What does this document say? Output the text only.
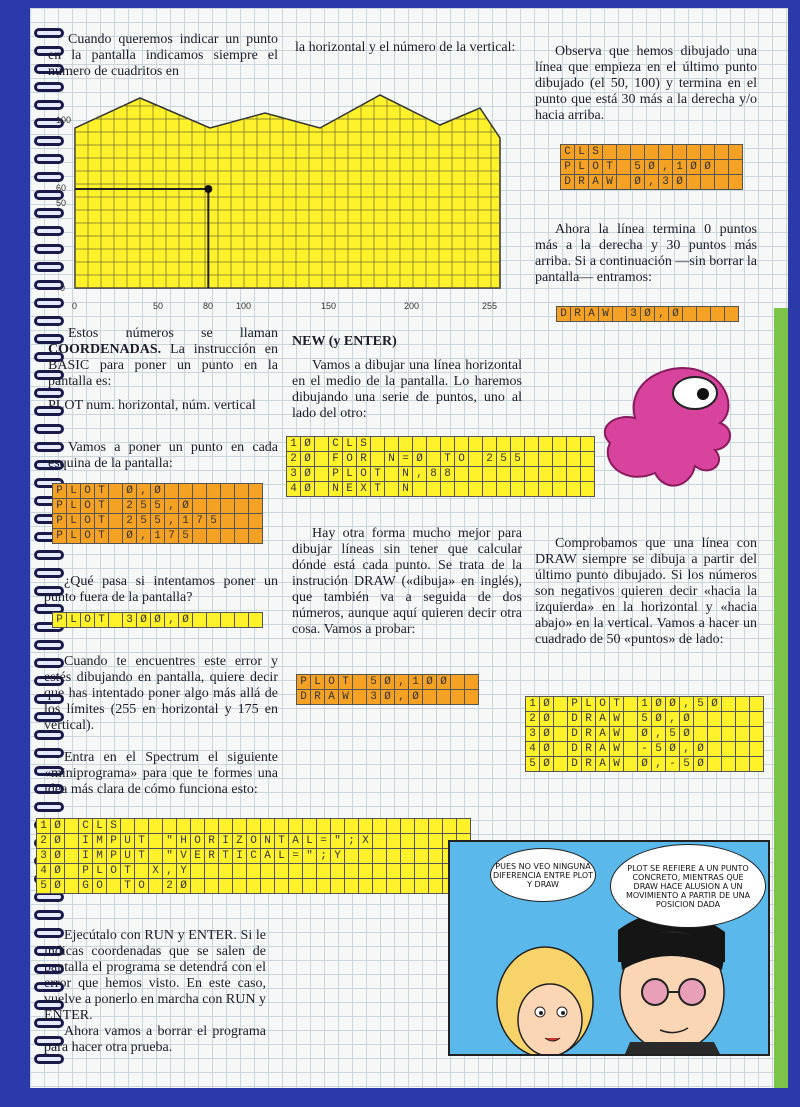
Cuando queremos indicar un punto en la pantalla indicamos siempre el número de cuadritos en

la horizontal y el número de la vertical:	Observa que hemos dibujado una línea que empieza en el último punto dibujado (el 50, 100) y termina en el punto que está 30 más a la derecha y/o hacia arriba.

100
60
50
0
0	50	80	100	150	200	255

Estos números se llaman COORDENADAS. La instrucción en BASIC para poner un punto en la pantalla es:

PLOT num. horizontal, núm. vertical

Vamos a poner un punto en cada esquina de la pantalla:

P	L	O	T		Ø	,	Ø							
P	L	O	T		2	5	5	,	Ø					
P	L	O	T		2	5	5	,	1	7	5			
P	L	O	T		Ø	,	1	7	5					

¿Qué pasa si intentamos poner un punto fuera de la pantalla?

P	L	O	T		3	Ø	Ø	,	Ø					

Cuando te encuentres este error y estés dibujando en pantalla, quiere decir que has intentado poner algo más allá de los límites (255 en horizontal y 175 en vertical).

Entra en el Spectrum el siguiente «miniprograma» para que te formes una idea más clara de cómo funciona esto:

1	Ø		C	L	S																									
2	Ø		I	M	P	U	T		"	H	O	R	I	Z	O	N	T	A	L	=	"	;	X							
3	Ø		I	M	P	U	T		"	V	E	R	T	I	C	A	L	=	"	;	Y									
4	Ø		P	L	O	T		X	,	Y																				
5	Ø		G	O		T	O		2	Ø																				

Ejecútalo con RUN y ENTER. Si le indicas coordenadas que se salen de pantalla el programa se detendrá con el error que hemos visto. En este caso, vuelve a ponerlo en marcha con RUN y ENTER.

Ahora vamos a borrar el programa para hacer otra prueba.

NEW (y ENTER)

Vamos a dibujar una línea horizontal en el medio de la pantalla. Lo haremos dibujando una serie de puntos, uno al lado del otro:

1	Ø		C	L	S																
2	Ø		F	O	R		N	=	Ø		T	O		2	5	5					
3	Ø		P	L	O	T		N	,	8	8										
4	Ø		N	E	X	T		N													

Hay otra forma mucho mejor para dibujar líneas sin tener que calcular dónde está cada punto. Se trata de la instrución DRAW («dibuja» en inglés), que también va a seguida de dos números, aunque aquí quieren decir otra cosa. Vamos a probar:

P	L	O	T		5	Ø	,	1	Ø	Ø		
D	R	A	W		3	Ø	,	Ø				
C	L	S										
P	L	O	T		5	Ø	,	1	Ø	Ø		
D	R	A	W		Ø	,	3	Ø				

Ahora la línea termina 0 puntos más a la derecha y 30 puntos más arriba. Si a continuación —sin borrar la pantalla— entramos:

D	R	A	W		3	Ø	,	Ø				

Comprobamos que una línea con DRAW siempre se dibuja a partir del último punto dibujado. Si los números son negativos quieren decir «hacia la izquierda» en la horizontal y «hacia abajo» en la vertical. Vamos a hacer un cuadrado de 50 «puntos» de lado:

1	Ø		P	L	O	T		1	Ø	Ø	,	5	Ø			
2	Ø		D	R	A	W		5	Ø	,	Ø					
3	Ø		D	R	A	W		Ø	,	5	Ø					
4	Ø		D	R	A	W		-	5	Ø	,	Ø				
5	Ø		D	R	A	W		Ø	,	-	5	Ø				
PUES NO VEO NINGUNA DIFERENCIA ENTRE PLOT Y DRAW
PLOT SE REFIERE A UN PUNTO CONCRETO, MIENTRAS QUE DRAW HACE ALUSION A UN MOVIMIENTO A PARTIR DE UNA POSICION DADA
